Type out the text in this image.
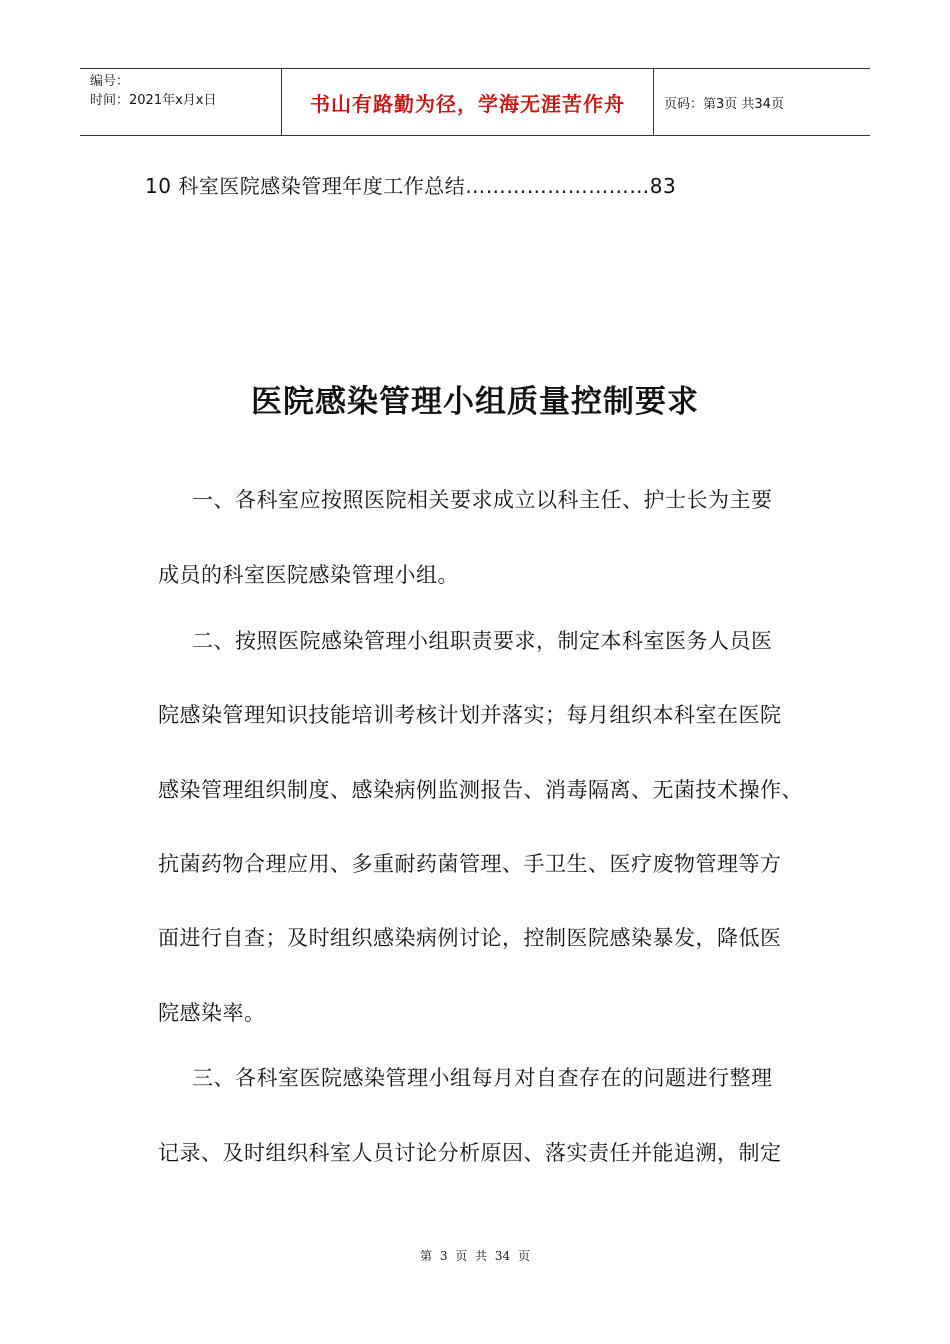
编号：
时间：2021年x月x日	书山有路勤为径，学海无涯苦作舟	页码：第3页 共34页
10 科室医院感染管理年度工作总结………………………83
医院感染管理小组质量控制要求
一、各科室应按照医院相关要求成立以科主任、护士长为主要
成员的科室医院感染管理小组。
二、按照医院感染管理小组职责要求，制定本科室医务人员医
院感染管理知识技能培训考核计划并落实；每月组织本科室在医院
感染管理组织制度、感染病例监测报告、消毒隔离、无菌技术操作、
抗菌药物合理应用、多重耐药菌管理、手卫生、医疗废物管理等方
面进行自查；及时组织感染病例讨论，控制医院感染暴发，降低医
院感染率。
三、各科室医院感染管理小组每月对自查存在的问题进行整理
记录、及时组织科室人员讨论分析原因、落实责任并能追溯，制定
第 3 页 共 34 页
